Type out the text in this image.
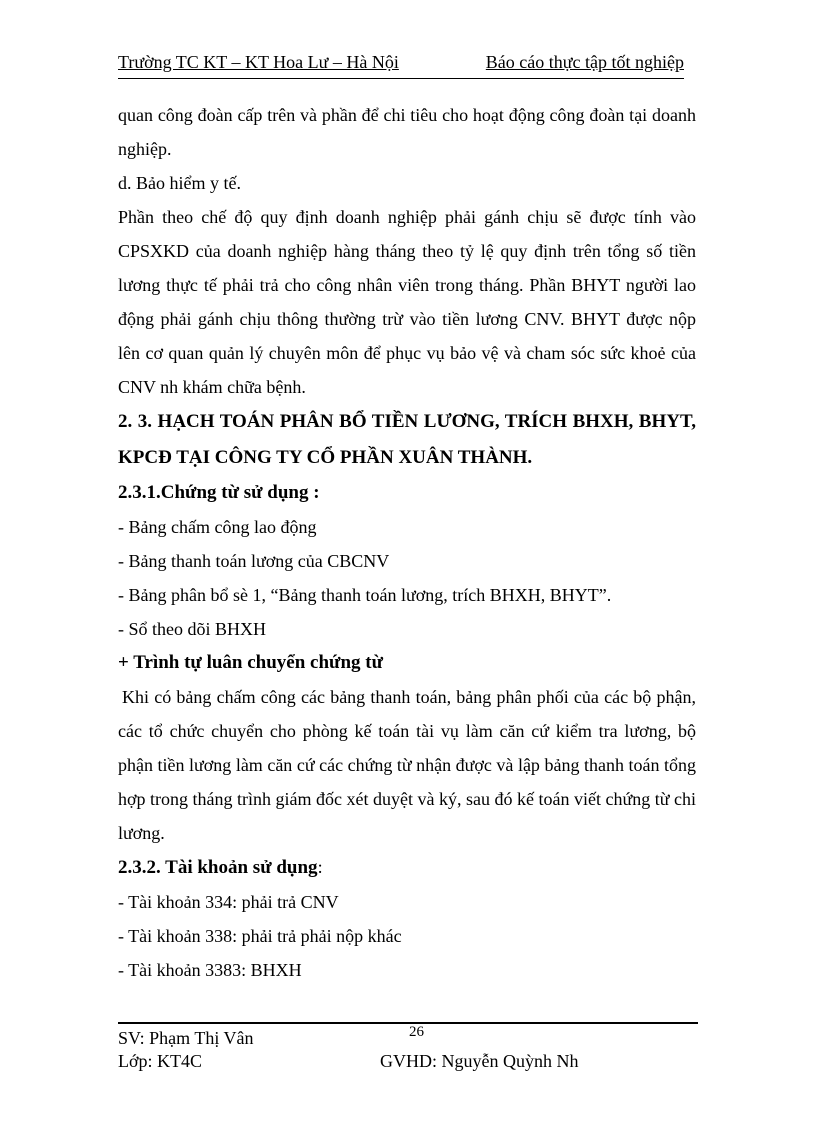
Trường TC KT – KT Hoa Lư – Hà Nội	Báo cáo thực tập tốt nghiệp

quan công đoàn cấp trên và phần để chi tiêu cho hoạt động công đoàn tại doanh nghiệp.

d. Bảo hiểm y tế.

Phần theo chế độ quy định doanh nghiệp phải gánh chịu sẽ được tính vào CPSXKD của doanh nghiệp hàng tháng theo tỷ lệ quy định trên tổng số tiền lương thực tế phải trả cho công nhân viên trong tháng. Phần BHYT người lao động phải gánh chịu thông thường trừ vào tiền lương CNV. BHYT được nộp lên cơ quan quản lý chuyên môn để phục vụ bảo vệ và cham sóc sức khoẻ của CNV nh khám chữa bệnh.

2. 3. HẠCH TOÁN PHÂN BỔ TIỀN LƯƠNG, TRÍCH BHXH, BHYT, KPCĐ TẠI CÔNG TY CỔ PHẦN XUÂN THÀNH.

2.3.1.Chứng từ sử dụng :

- Bảng chấm công lao động

- Bảng thanh toán lương của CBCNV

- Bảng phân bổ sè 1, “Bảng thanh toán lương, trích BHXH, BHYT”.

- Sổ theo dõi BHXH

+ Trình tự luân chuyển chứng từ

Khi có bảng chấm công các bảng thanh toán, bảng phân phối của các bộ phận, các tổ chức chuyển cho phòng kế toán tài vụ làm căn cứ kiểm tra lương, bộ phận tiền lương làm căn cứ các chứng từ nhận được và lập bảng thanh toán tổng hợp trong tháng trình giám đốc xét duyệt và ký, sau đó kế toán viết chứng từ chi lương.

2.3.2. Tài khoản sử dụng:

- Tài khoản 334: phải trả CNV

- Tài khoản 338: phải trả phải nộp khác

- Tài khoản 3383: BHXH

SV: Phạm Thị Vân	26
Lớp: KT4C	GVHD: Nguyễn Quỳnh Nh
